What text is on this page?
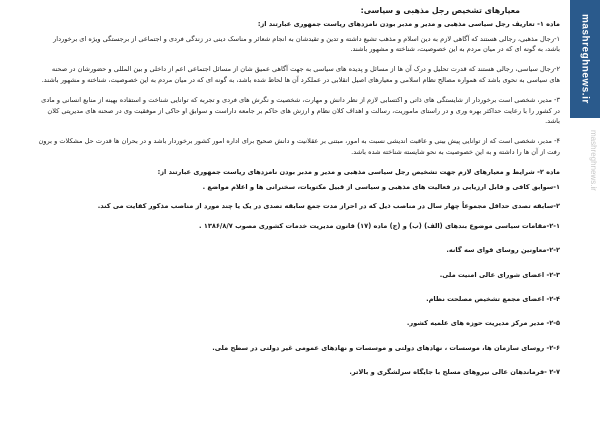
mashreghnews.ir
mashreghnews.ir
معیارهای تشخیص رجل مذهبی و سیاسی:
ماده ۱- تعاریف رجل سیاسی مذهبی و مدیر و مدبر بودن نامزدهای ریاست جمهوری عبارتند از:

۱-رجال مذهبی، رجالی هستند که آگاهی لازم به دین اسلام و مذهب تشیع داشته و تدین و تقیدشان به انجام شعائر و مناسک دینی در زندگی فردی و اجتماعی از برجستگی ویژه ای برخوردار

باشد، به گونه ای که در میان مردم به این خصوصیت، شناخته و مشهور باشند.

۲-رجال سیاسی، رجالی هستند که قدرت تحلیل و درک آن ها از مسائل و پدیده های سیاسی به جهت آگاهی عمیق شان از مسائل اجتماعی اعم از داخلی و بین المللی و حضورشان در صحنه

های سیاسی به نحوی باشد که همواره مصالح نظام اسلامی و معیارهای اصیل انقلابی در عملکرد آن ها لحاظ شده باشد، به گونه ای که در میان مردم به این خصوصیت، شناخته و مشهور باشند.

۳- مدیر، شخصی است برخوردار از شایستگی های ذاتی و اکتسابی لازم از نظر دانش و مهارت، شخصیت و نگرش های فردی و تجربه که توانایی شناخت و استفاده بهینه از منابع انسانی و مادی

در کشور را با رعایت حداکثر بهره وری و در راستای ماموریت، رسالت و اهداف کلان نظام و ارزش های حاکم بر جامعه داراست و سوابق او حاکی از موفقیت وی در صحنه های مدیریتی کلان

باشد.

۴- مدبر، شخصی است که از توانایی پیش بینی و عاقبت اندیشی نسبت به امور، مبتنی بر عقلانیت و دانش صحیح برای اداره امور کشور برخوردار باشد و در بحران ها قدرت حل مشکلات و برون

رفت از آن ها را داشته و به این خصوصیت به نحو شایسته شناخته شده باشد.

ماده ۲- شرایط و معیارهای لازم جهت تشخیص رجل سیاسی مذهبی و مدیر و مدبر بودن نامزدهای ریاست جمهوری عبارتند از:

۱-سوابق کافی و قابل ارزیابی در فعالیت های مذهبی و سیاسی از قبیل مکتوبات، سخنرانی ها و اعلام مواضع .

۲-سابقه تصدی حداقل مجموعاً چهار سال در مناصب ذیل که در احراز مدت جمع سابقه تصدی در یک یا چند مورد از مناصب مذکور کفایت می کند.

۲-۱-مقامات سیاسی موضوع بندهای (الف) (ب) و (ج) ماده (۱۷) قانون مدیریت خدمات کشوری مصوب ۱۳۸۶/۸/۷ .

۲-۲-معاونین روسای قوای سه گانه.

۲-۳- اعضای شورای عالی امنیت ملی.

۲-۴- اعضای مجمع تشخیص مصلحت نظام.

۲-۵- مدیر مرکز مدیریت حوزه های علمیه کشور.

۲-۶- روسای سازمان ها، موسسات ، نهادهای دولتی و موسسات و نهادهای عمومی غیر دولتی در سطح ملی.

۲-۷ -فرماندهان عالی نیروهای مسلح با جایگاه سرلشگری و بالاتر.
